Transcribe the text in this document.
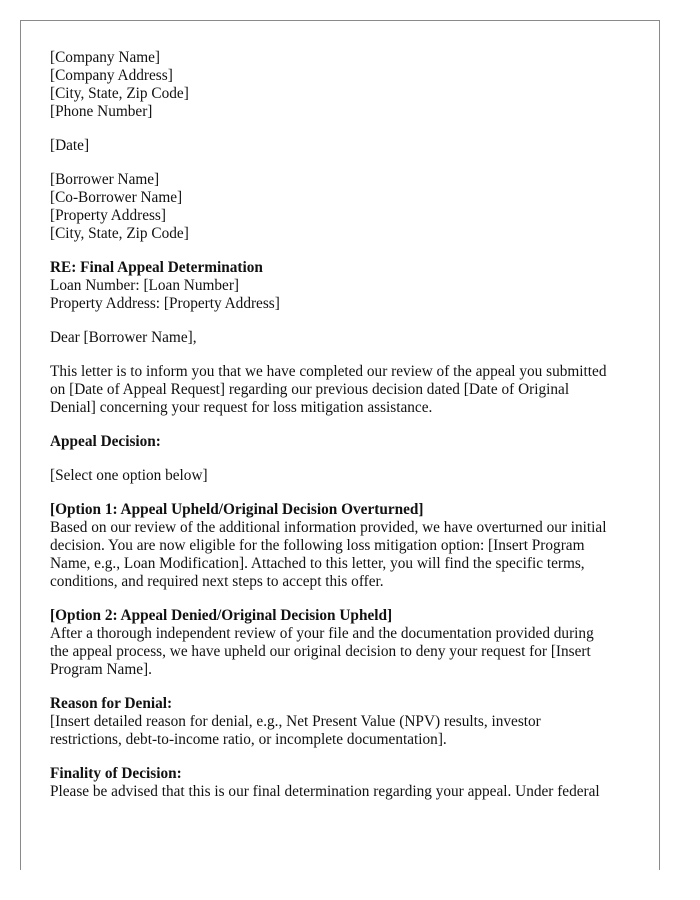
[Company Name]
[Company Address]
[City, State, Zip Code]
[Phone Number]
[Date]
[Borrower Name]
[Co-Borrower Name]
[Property Address]
[City, State, Zip Code]
RE: Final Appeal Determination
Loan Number: [Loan Number]
Property Address: [Property Address]
Dear [Borrower Name],
This letter is to inform you that we have completed our review of the appeal you submitted
on [Date of Appeal Request] regarding our previous decision dated [Date of Original
Denial] concerning your request for loss mitigation assistance.
Appeal Decision:
[Select one option below]
[Option 1: Appeal Upheld/Original Decision Overturned]
Based on our review of the additional information provided, we have overturned our initial
decision. You are now eligible for the following loss mitigation option: [Insert Program
Name, e.g., Loan Modification]. Attached to this letter, you will find the specific terms,
conditions, and required next steps to accept this offer.
[Option 2: Appeal Denied/Original Decision Upheld]
After a thorough independent review of your file and the documentation provided during
the appeal process, we have upheld our original decision to deny your request for [Insert
Program Name].
Reason for Denial:
[Insert detailed reason for denial, e.g., Net Present Value (NPV) results, investor
restrictions, debt-to-income ratio, or incomplete documentation].
Finality of Decision:
Please be advised that this is our final determination regarding your appeal. Under federal
